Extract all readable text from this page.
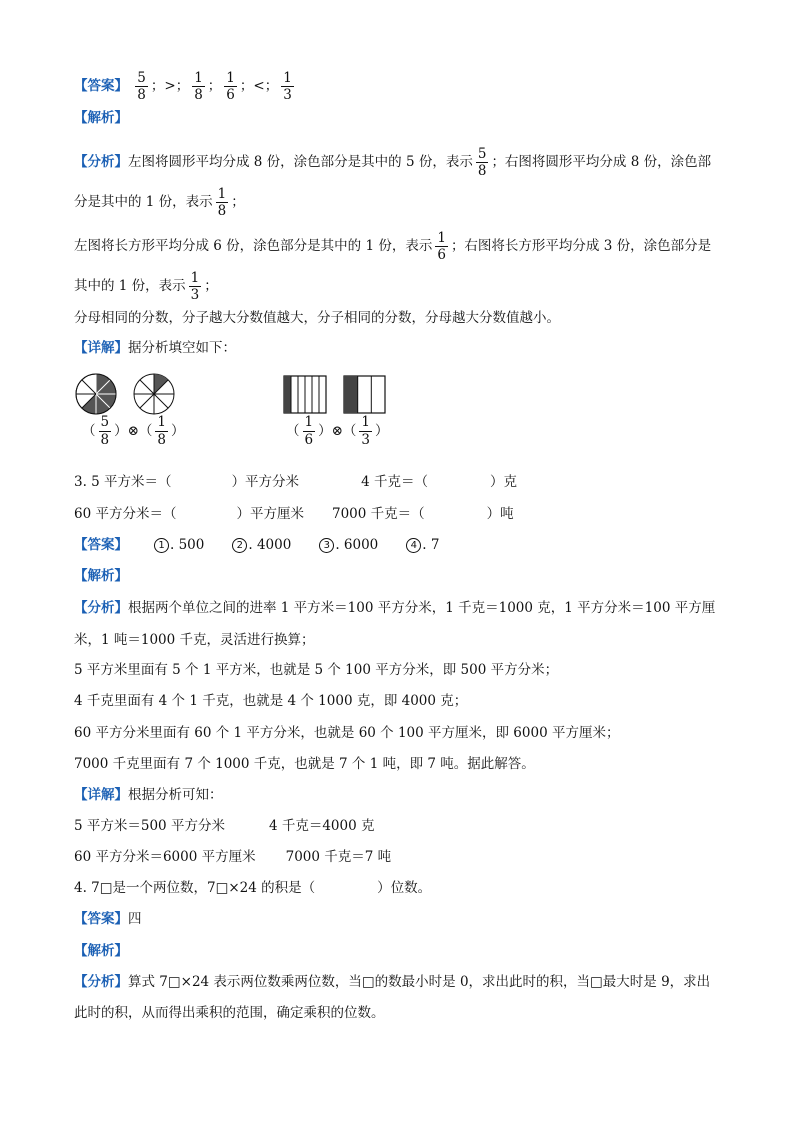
【答案】 $\frac{5}{8}$ ；>； $\frac{1}{8}$ ； $\frac{1}{6}$ ；<； $\frac{1}{3}$
【解析】
【分析】左图将圆形平均分成 8 份，涂色部分是其中的 5 份，表示 $\frac{5}{8}$ ；右图将圆形平均分成 8 份，涂色部
分是其中的 1 份，表示 $\frac{1}{8}$ ；
左图将长方形平均分成 6 份，涂色部分是其中的 1 份，表示 $\frac{1}{6}$ ；右图将长方形平均分成 3 份，涂色部分是
其中的 1 份，表示 $\frac{1}{3}$ ；
分母相同的分数，分子越大分数值越大，分子相同的分数，分母越大分数值越小。
【详解】据分析填空如下：
（ $\frac{5}{8}$ ）⊗（ $\frac{1}{8}$ ）	（ $\frac{1}{6}$ ）⊗（ $\frac{1}{3}$ ）
3. 5 平方米＝（	）平方分米	4 千克＝（	）克
60 平方分米＝（	）平方厘米 7000 千克＝（	）吨
【答案】	1 . 500	2 . 4000	3 . 6000	4 . 7
【解析】
【分析】根据两个单位之间的进率 1 平方米＝100 平方分米，1 千克＝1000 克，1 平方分米＝100 平方厘
米，1 吨＝1000 千克，灵活进行换算；
5 平方米里面有 5 个 1 平方米，也就是 5 个 100 平方分米，即 500 平方分米；
4 千克里面有 4 个 1 千克，也就是 4 个 1000 克，即 4000 克；
60 平方分米里面有 60 个 1 平方分米，也就是 60 个 100 平方厘米，即 6000 平方厘米；
7000 千克里面有 7 个 1000 千克，也就是 7 个 1 吨，即 7 吨。据此解答。
【详解】根据分析可知：
5 平方米＝500 平方分米	4 千克＝4000 克
60 平方分米＝6000 平方厘米 7000 千克＝7 吨
4. 7□是一个两位数，7□×24 的积是（	）位数。
【答案】四
【解析】
【分析】算式 7□×24 表示两位数乘两位数，当□的数最小时是 0，求出此时的积，当□最大时是 9，求出
此时的积，从而得出乘积的范围，确定乘积的位数。
